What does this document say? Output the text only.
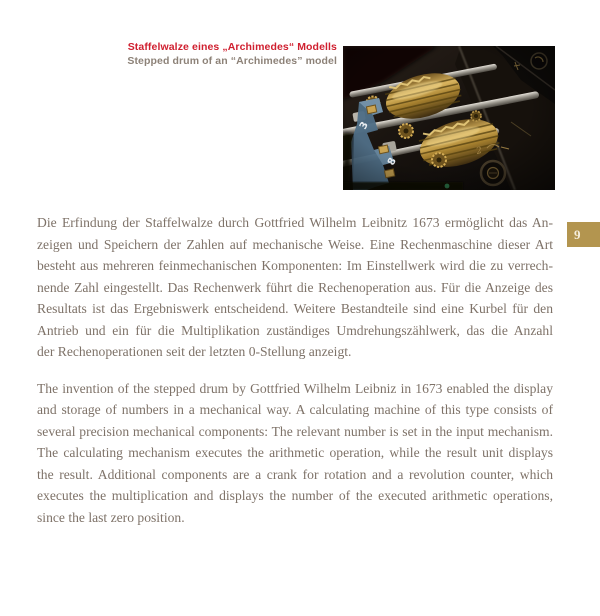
Staffelwalze eines „Archimedes“ Modells
Stepped drum of an “Archimedes” model
9
Die Erfindung der Staffelwalze durch Gottfried Wilhelm Leibnitz 1673 ermöglicht das An-
zeigen und Speichern der Zahlen auf mechanische Weise. Eine Rechenmaschine dieser Art
besteht aus mehreren feinmechanischen Komponenten: Im Einstellwerk wird die zu verrech-
nende Zahl eingestellt. Das Rechenwerk führt die Rechenoperation aus. Für die Anzeige des
Resultats ist das Ergebniswerk entscheidend. Weitere Bestandteile sind eine Kurbel für den
Antrieb und ein für die Multiplikation zuständiges Umdrehungszählwerk, das die Anzahl
der Rechenoperationen seit der letzten 0-Stellung anzeigt.
The invention of the stepped drum by Gottfried Wilhelm Leibniz in 1673 enabled the display
and storage of numbers in a mechanical way. A calculating machine of this type consists of
several precision mechanical components: The relevant number is set in the input mechanism.
The calculating mechanism executes the arithmetic operation, while the result unit displays
the result. Additional components are a crank for rotation and a revolution counter, which
executes the multiplication and displays the number of the executed arithmetic operations,
since the last zero position.
